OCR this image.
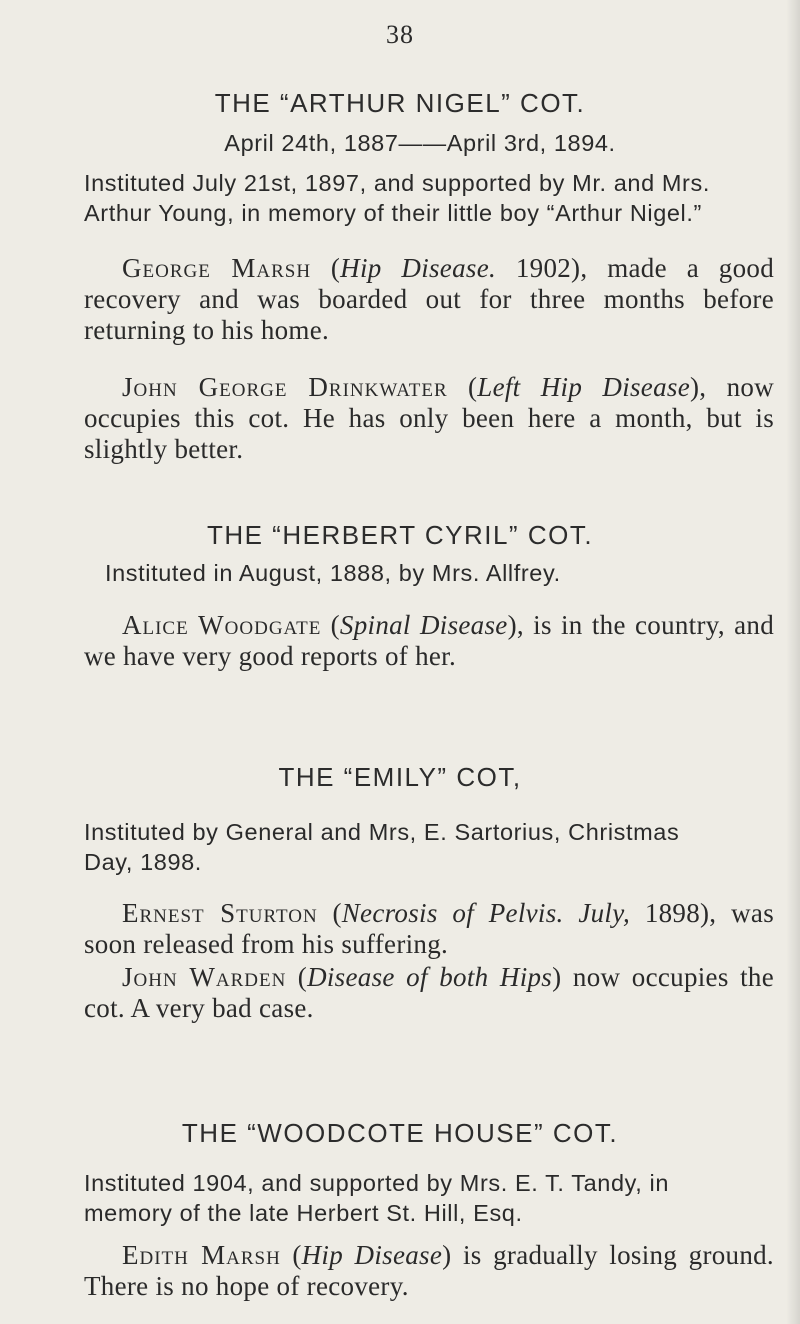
38
THE “ARTHUR NIGEL” COT.
April 24th, 1887——April 3rd, 1894.
Instituted July 21st, 1897, and supported by Mr. and Mrs.
Arthur Young, in memory of their little boy “Arthur Nigel.”
George Marsh (Hip Disease. 1902), made a good recovery and was boarded out for three months before returning to his home.
John George Drinkwater (Left Hip Disease), now occupies this cot. He has only been here a month, but is slightly better.
THE “HERBERT CYRIL” COT.
Instituted in August, 1888, by Mrs. Allfrey.
Alice Woodgate (Spinal Disease), is in the country, and we have very good reports of her.
THE “EMILY” COT,
Instituted by General and Mrs, E. Sartorius, Christmas
Day, 1898.
Ernest Sturton (Necrosis of Pelvis. July, 1898), was soon released from his suffering.
John Warden (Disease of both Hips) now occupies the cot. A very bad case.
THE “WOODCOTE HOUSE” COT.
Instituted 1904, and supported by Mrs. E. T. Tandy, in
memory of the late Herbert St. Hill, Esq.
Edith Marsh (Hip Disease) is gradually losing ground. There is no hope of recovery.
